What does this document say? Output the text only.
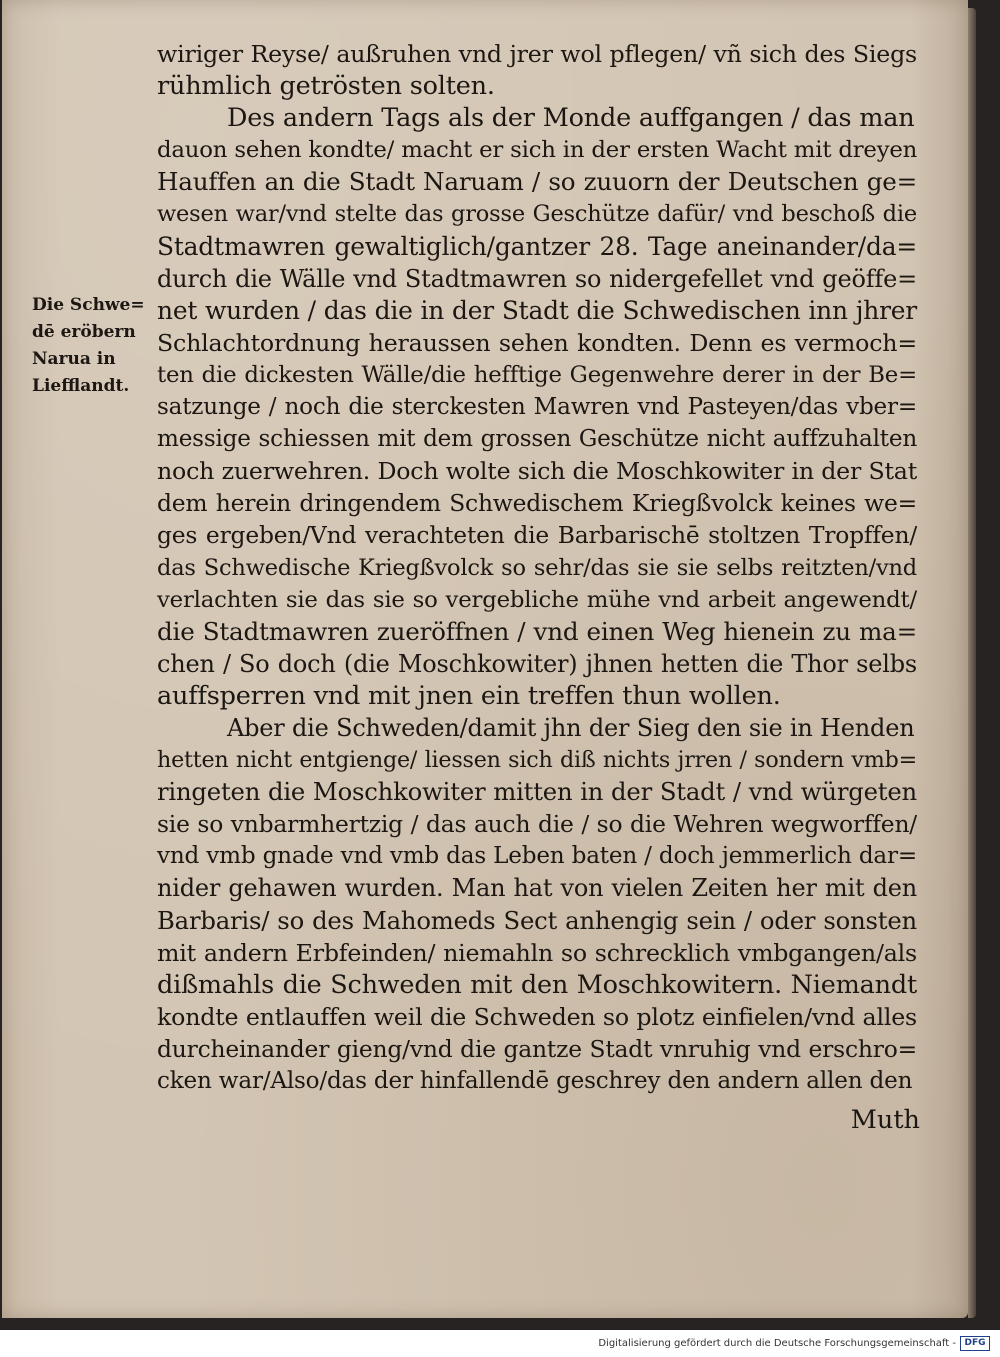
wiriger Reyse/ außruhen vnd jrer wol pflegen/ vñ sich des Siegs
rühmlich getrösten solten.
Des andern Tags als der Monde auffgangen / das man
dauon sehen kondte/ macht er sich in der ersten Wacht mit dreyen
Hauffen an die Stadt Naruam / so zuuorn der Deutschen ge=
wesen war/vnd stelte das grosse Geschütze dafür/ vnd beschoß die
Stadtmawren gewaltiglich/gantzer 28. Tage aneinander/da=
durch die Wälle vnd Stadtmawren so nidergefellet vnd geöffe=
net wurden / das die in der Stadt die Schwedischen inn jhrer
Schlachtordnung heraussen sehen kondten. Denn es vermoch=
ten die dickesten Wälle/die hefftige Gegenwehre derer in der Be=
satzunge / noch die sterckesten Mawren vnd Pasteyen/das vber=
messige schiessen mit dem grossen Geschütze nicht auffzuhalten
noch zuerwehren. Doch wolte sich die Moschkowiter in der Stat
dem herein dringendem Schwedischem Kriegßvolck keines we=
ges ergeben/Vnd verachteten die Barbarischē stoltzen Tropffen/
das Schwedische Kriegßvolck so sehr/das sie sie selbs reitzten/vnd
verlachten sie das sie so vergebliche mühe vnd arbeit angewendt/
die Stadtmawren zueröffnen / vnd einen Weg hienein zu ma=
chen / So doch (die Moschkowiter) jhnen hetten die Thor selbs
auffsperren vnd mit jnen ein treffen thun wollen.
Aber die Schweden/damit jhn der Sieg den sie in Henden
hetten nicht entgienge/ liessen sich diß nichts jrren / sondern vmb=
ringeten die Moschkowiter mitten in der Stadt / vnd würgeten
sie so vnbarmhertzig / das auch die / so die Wehren wegworffen/
vnd vmb gnade vnd vmb das Leben baten / doch jemmerlich dar=
nider gehawen wurden. Man hat von vielen Zeiten her mit den
Barbaris/ so des Mahomeds Sect anhengig sein / oder sonsten
mit andern Erbfeinden/ niemahln so schrecklich vmbgangen/als
dißmahls die Schweden mit den Moschkowitern. Niemandt
kondte entlauffen weil die Schweden so plotz einfielen/vnd alles
durcheinander gieng/vnd die gantze Stadt vnruhig vnd erschro=
cken war/Also/das der hinfallendē geschrey den andern allen den
Die Schwe=
dē eröbern
Narua in
Liefflandt.
Muth
Digitalisierung gefördert durch die Deutsche Forschungsgemeinschaft - DFG
